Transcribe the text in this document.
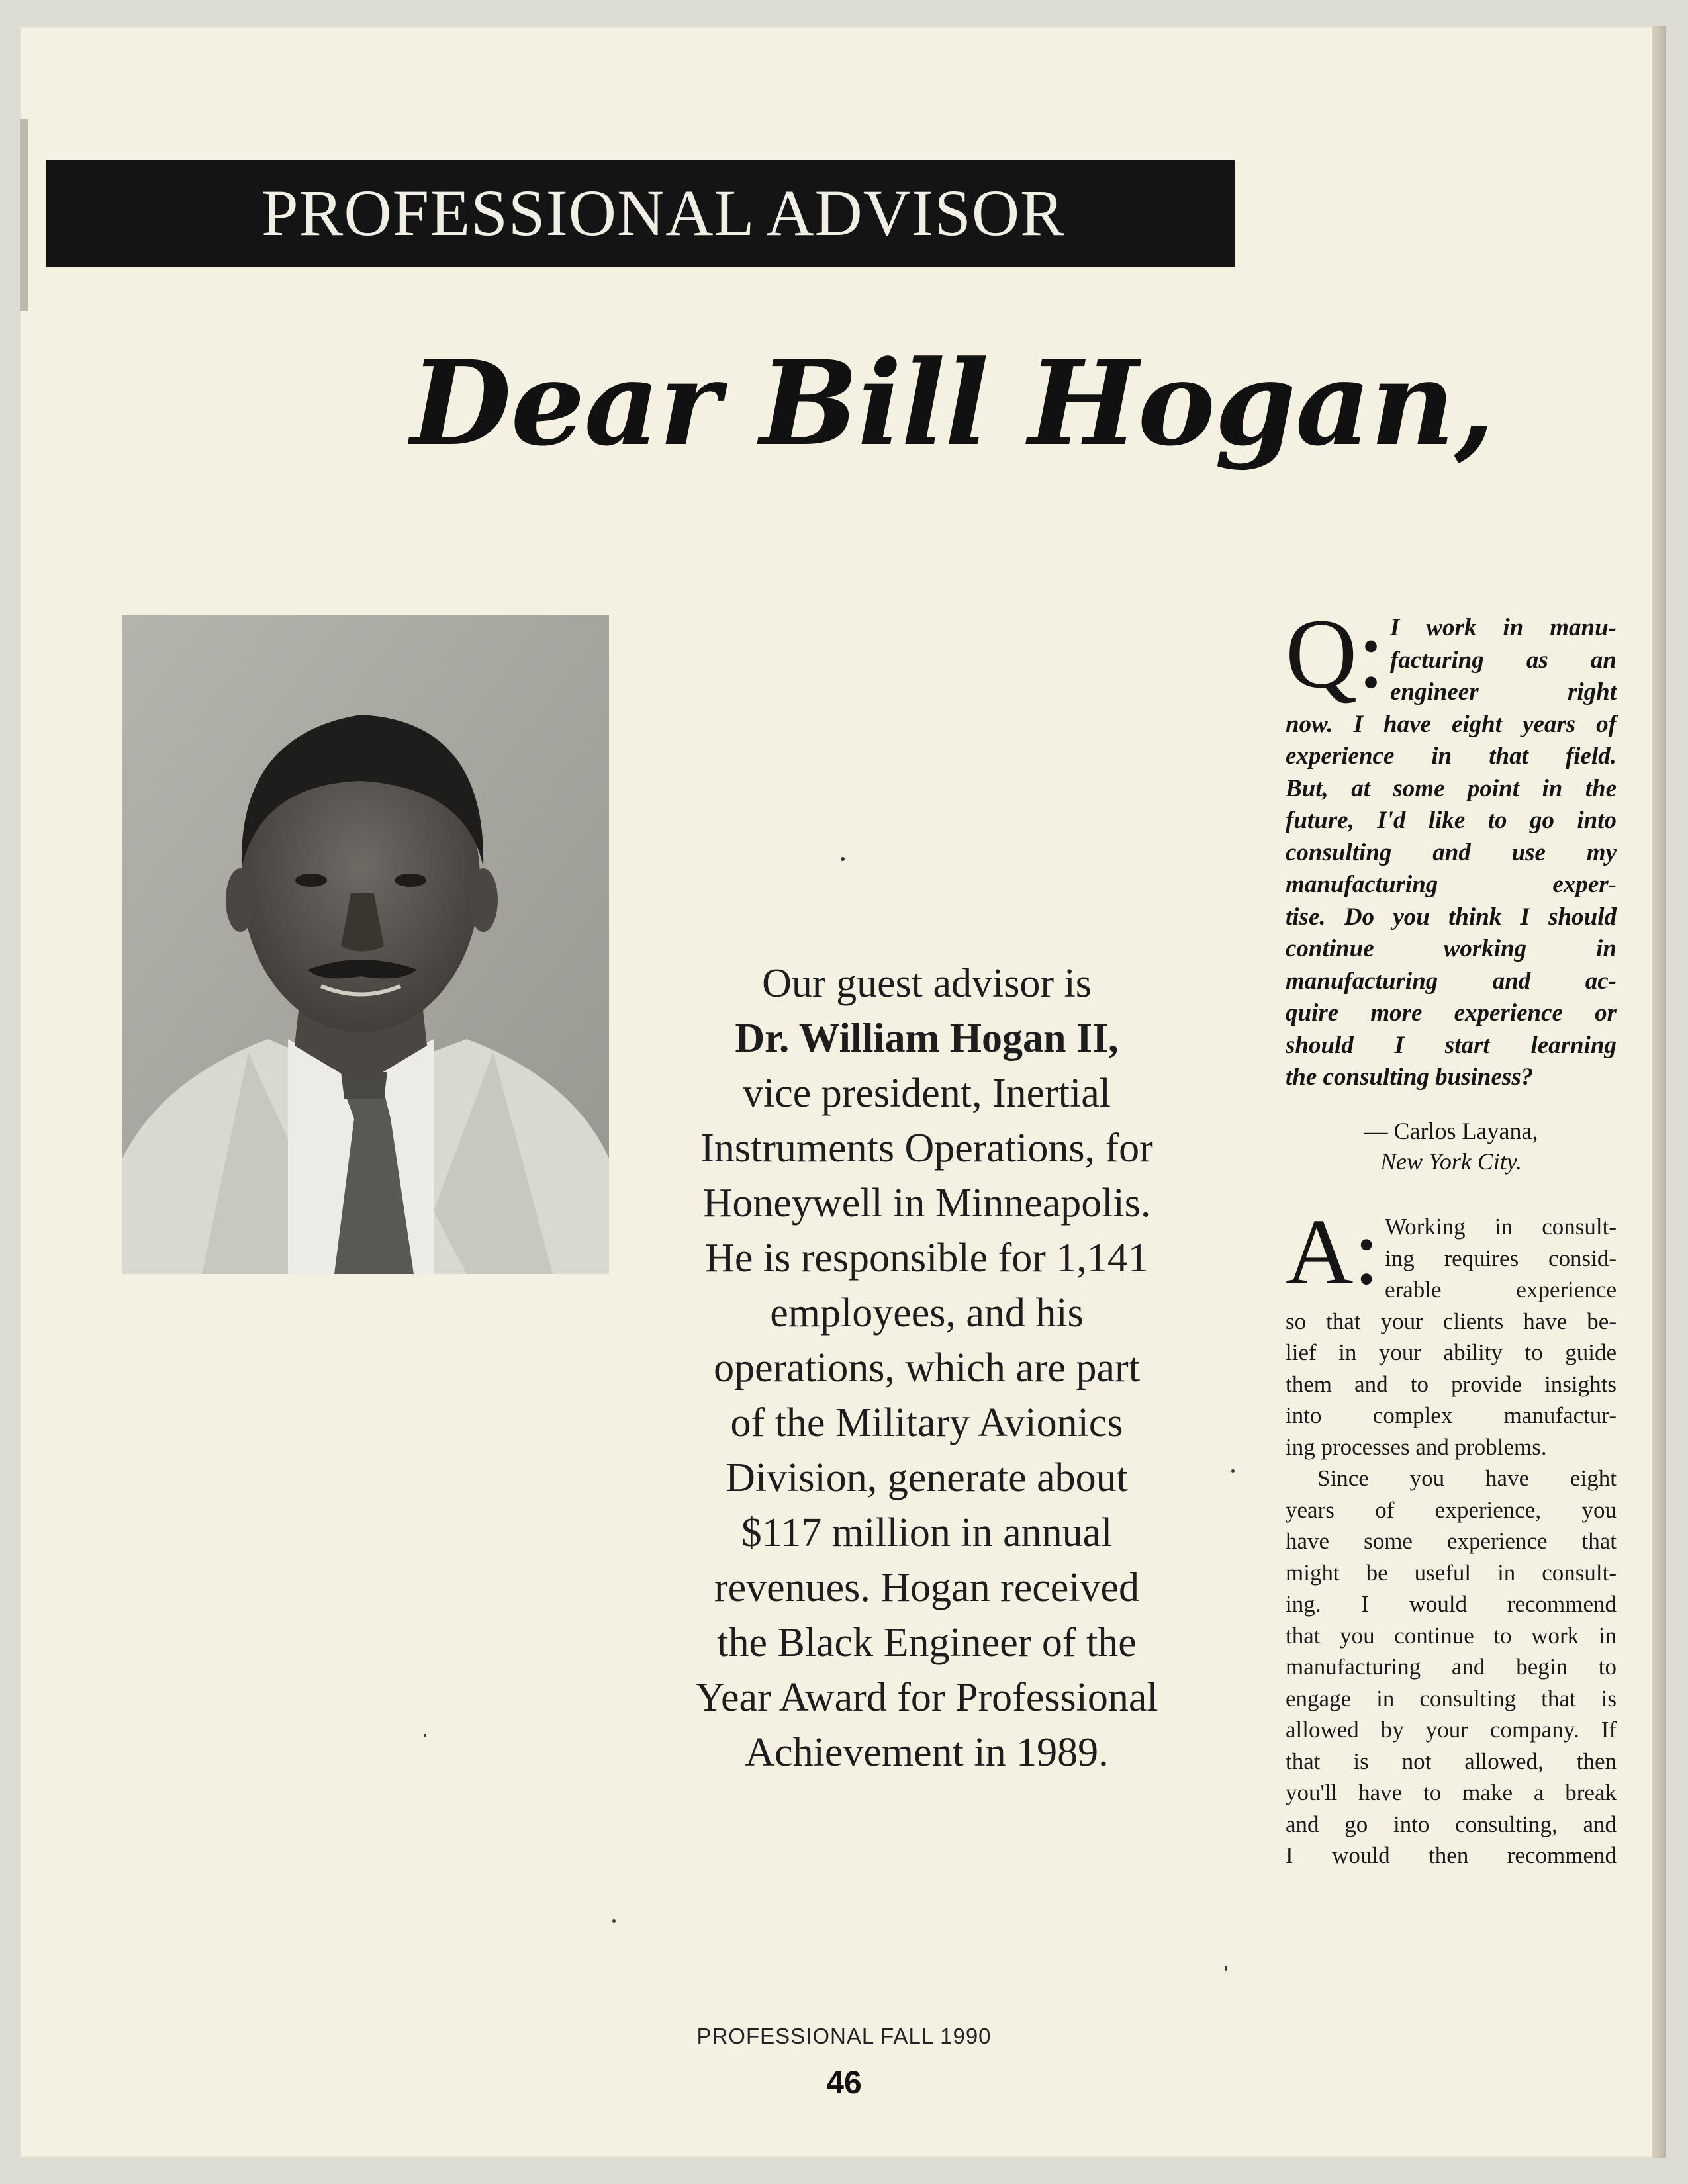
PROFESSIONAL ADVISOR
Dear Bill Hogan,
Our guest advisor is
Dr. William Hogan II,
vice president, Inertial
Instruments Operations, for
Honeywell in Minneapolis.
He is responsible for 1,141
employees, and his
operations, which are part
of the Military Avionics
Division, generate about
$117 million in annual
revenues. Hogan received
the Black Engineer of the
Year Award for Professional
Achievement in 1989.
Q: I work in manu-
facturing as an
engineer right
now. I have eight years of
experience in that field.
But, at some point in the
future, I'd like to go into
consulting and use my
manufacturing exper-
tise. Do you think I should
continue working in
manufacturing and ac-
quire more experience or
should I start learning
the consulting business?
— Carlos Layana,
New York City.
A: Working in consult-
ing requires consid-
erable experience
so that your clients have be-
lief in your ability to guide
them and to provide insights
into complex manufactur-
ing processes and problems.
Since you have eight
years of experience, you
have some experience that
might be useful in consult-
ing. I would recommend
that you continue to work in
manufacturing and begin to
engage in consulting that is
allowed by your company. If
that is not allowed, then
you'll have to make a break
and go into consulting, and
I would then recommend
PROFESSIONAL FALL 1990
46
